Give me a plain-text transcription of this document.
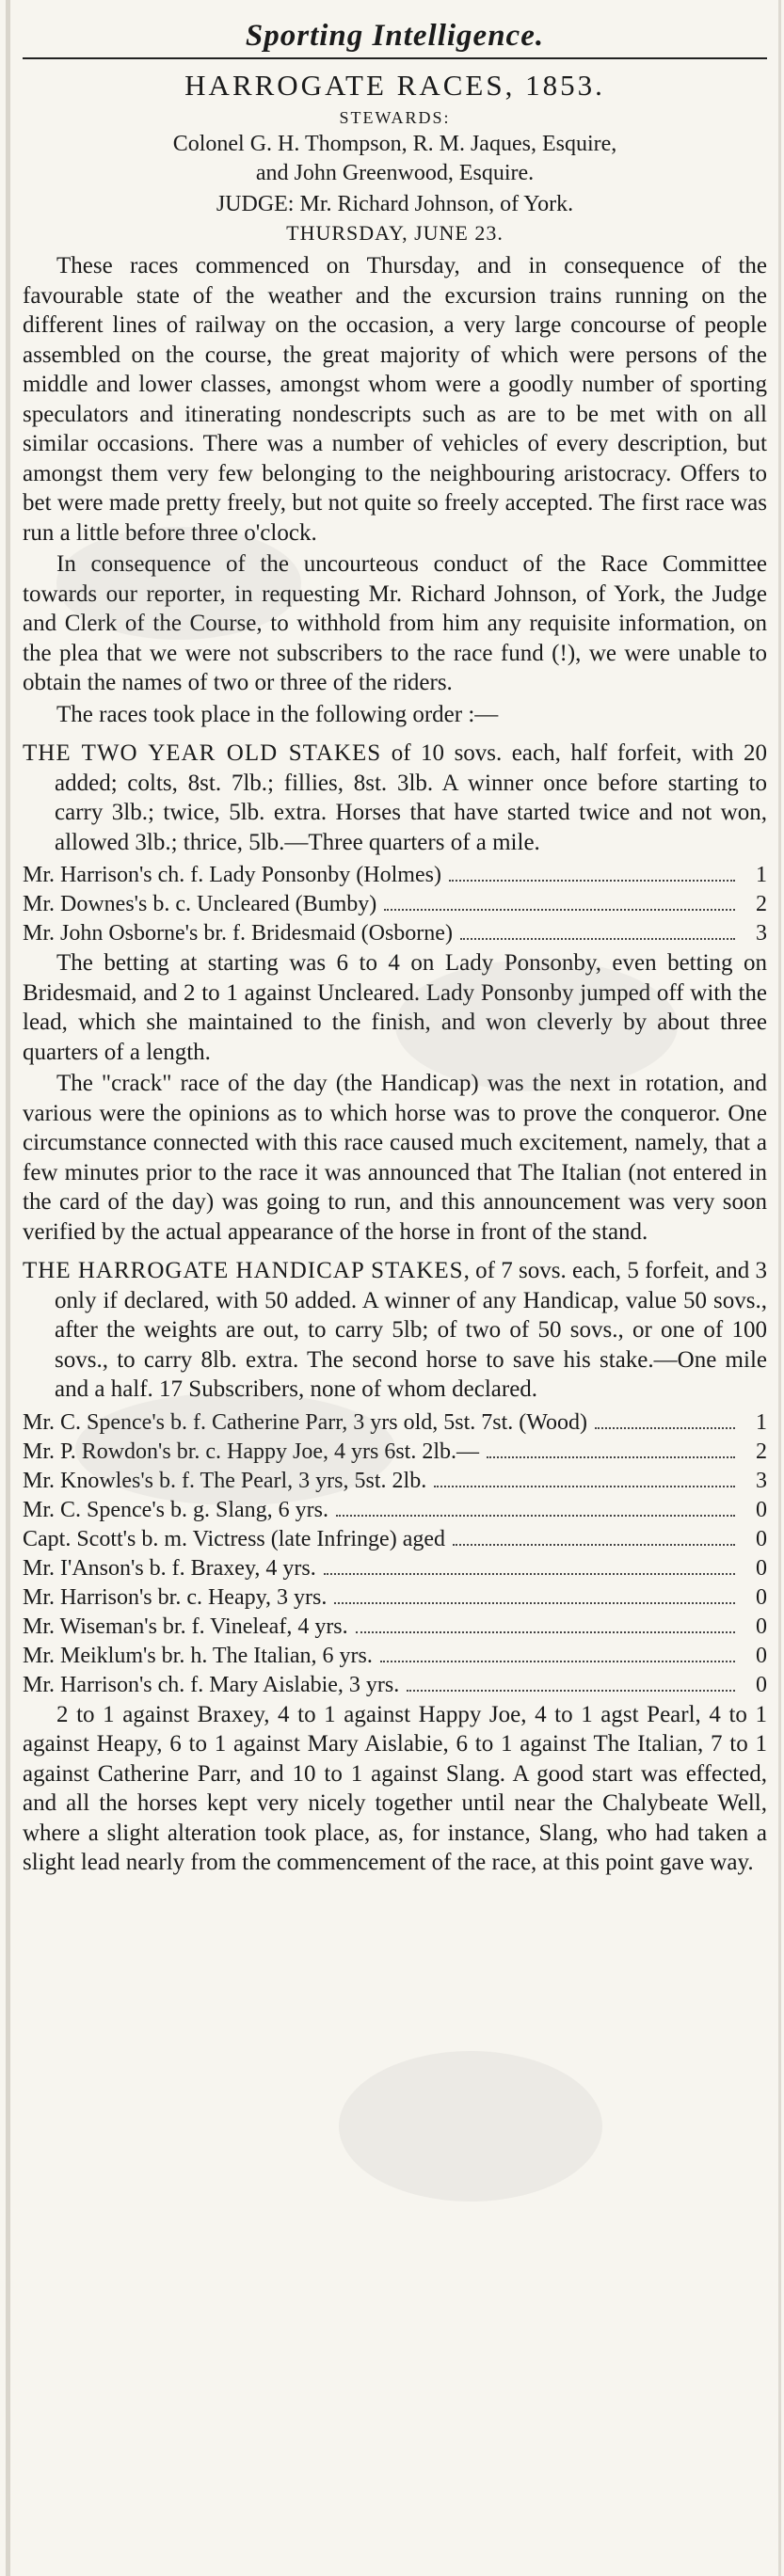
Sporting Intelligence.
HARROGATE RACES, 1853.
STEWARDS:
Colonel G. H. Thompson, R. M. Jaques, Esquire,
and John Greenwood, Esquire.
JUDGE: Mr. Richard Johnson, of York.
THURSDAY, JUNE 23.

These races commenced on Thursday, and in consequence of the favourable state of the weather and the excursion trains running on the different lines of railway on the occasion, a very large concourse of people assembled on the course, the great majority of which were persons of the middle and lower classes, amongst whom were a goodly number of sporting speculators and itinerating nondescripts such as are to be met with on all similar occasions. There was a number of vehicles of every description, but amongst them very few belonging to the neighbouring aristocracy. Offers to bet were made pretty freely, but not quite so freely accepted. The first race was run a little before three o'clock.

In consequence of the uncourteous conduct of the Race Committee towards our reporter, in requesting Mr. Richard Johnson, of York, the Judge and Clerk of the Course, to withhold from him any requisite information, on the plea that we were not subscribers to the race fund (!), we were unable to obtain the names of two or three of the riders.

The races took place in the following order :—

THE TWO YEAR OLD STAKES of 10 sovs. each, half forfeit, with 20 added; colts, 8st. 7lb.; fillies, 8st. 3lb. A winner once before starting to carry 3lb.; twice, 5lb. extra. Horses that have started twice and not won, allowed 3lb.; thrice, 5lb.—Three quarters of a mile.
Mr. Harrison's ch. f. Lady Ponsonby (Holmes)	1
Mr. Downes's b. c. Uncleared (Bumby)	2
Mr. John Osborne's br. f. Bridesmaid (Osborne)	3

The betting at starting was 6 to 4 on Lady Ponsonby, even betting on Bridesmaid, and 2 to 1 against Uncleared. Lady Ponsonby jumped off with the lead, which she maintained to the finish, and won cleverly by about three quarters of a length.

The "crack" race of the day (the Handicap) was the next in rotation, and various were the opinions as to which horse was to prove the conqueror. One circumstance connected with this race caused much excitement, namely, that a few minutes prior to the race it was announced that The Italian (not entered in the card of the day) was going to run, and this announcement was very soon verified by the actual appearance of the horse in front of the stand.

THE HARROGATE HANDICAP STAKES, of 7 sovs. each, 5 forfeit, and 3 only if declared, with 50 added. A winner of any Handicap, value 50 sovs., after the weights are out, to carry 5lb; of two of 50 sovs., or one of 100 sovs., to carry 8lb. extra. The second horse to save his stake.—One mile and a half. 17 Subscribers, none of whom declared.
Mr. C. Spence's b. f. Catherine Parr, 3 yrs old, 5st. 7st. (Wood)	1
Mr. P. Rowdon's br. c. Happy Joe, 4 yrs 6st. 2lb.—	2
Mr. Knowles's b. f. The Pearl, 3 yrs, 5st. 2lb.	3
Mr. C. Spence's b. g. Slang, 6 yrs.	0
Capt. Scott's b. m. Victress (late Infringe) aged	0
Mr. I'Anson's b. f. Braxey, 4 yrs.	0
Mr. Harrison's br. c. Heapy, 3 yrs.	0
Mr. Wiseman's br. f. Vineleaf, 4 yrs.	0
Mr. Meiklum's br. h. The Italian, 6 yrs.	0
Mr. Harrison's ch. f. Mary Aislabie, 3 yrs.	0

2 to 1 against Braxey, 4 to 1 against Happy Joe, 4 to 1 agst Pearl, 4 to 1 against Heapy, 6 to 1 against Mary Aislabie, 6 to 1 against The Italian, 7 to 1 against Catherine Parr, and 10 to 1 against Slang. A good start was effected, and all the horses kept very nicely together until near the Chalybeate Well, where a slight alteration took place, as, for instance, Slang, who had taken a slight lead nearly from the commencement of the race, at this point gave way.
